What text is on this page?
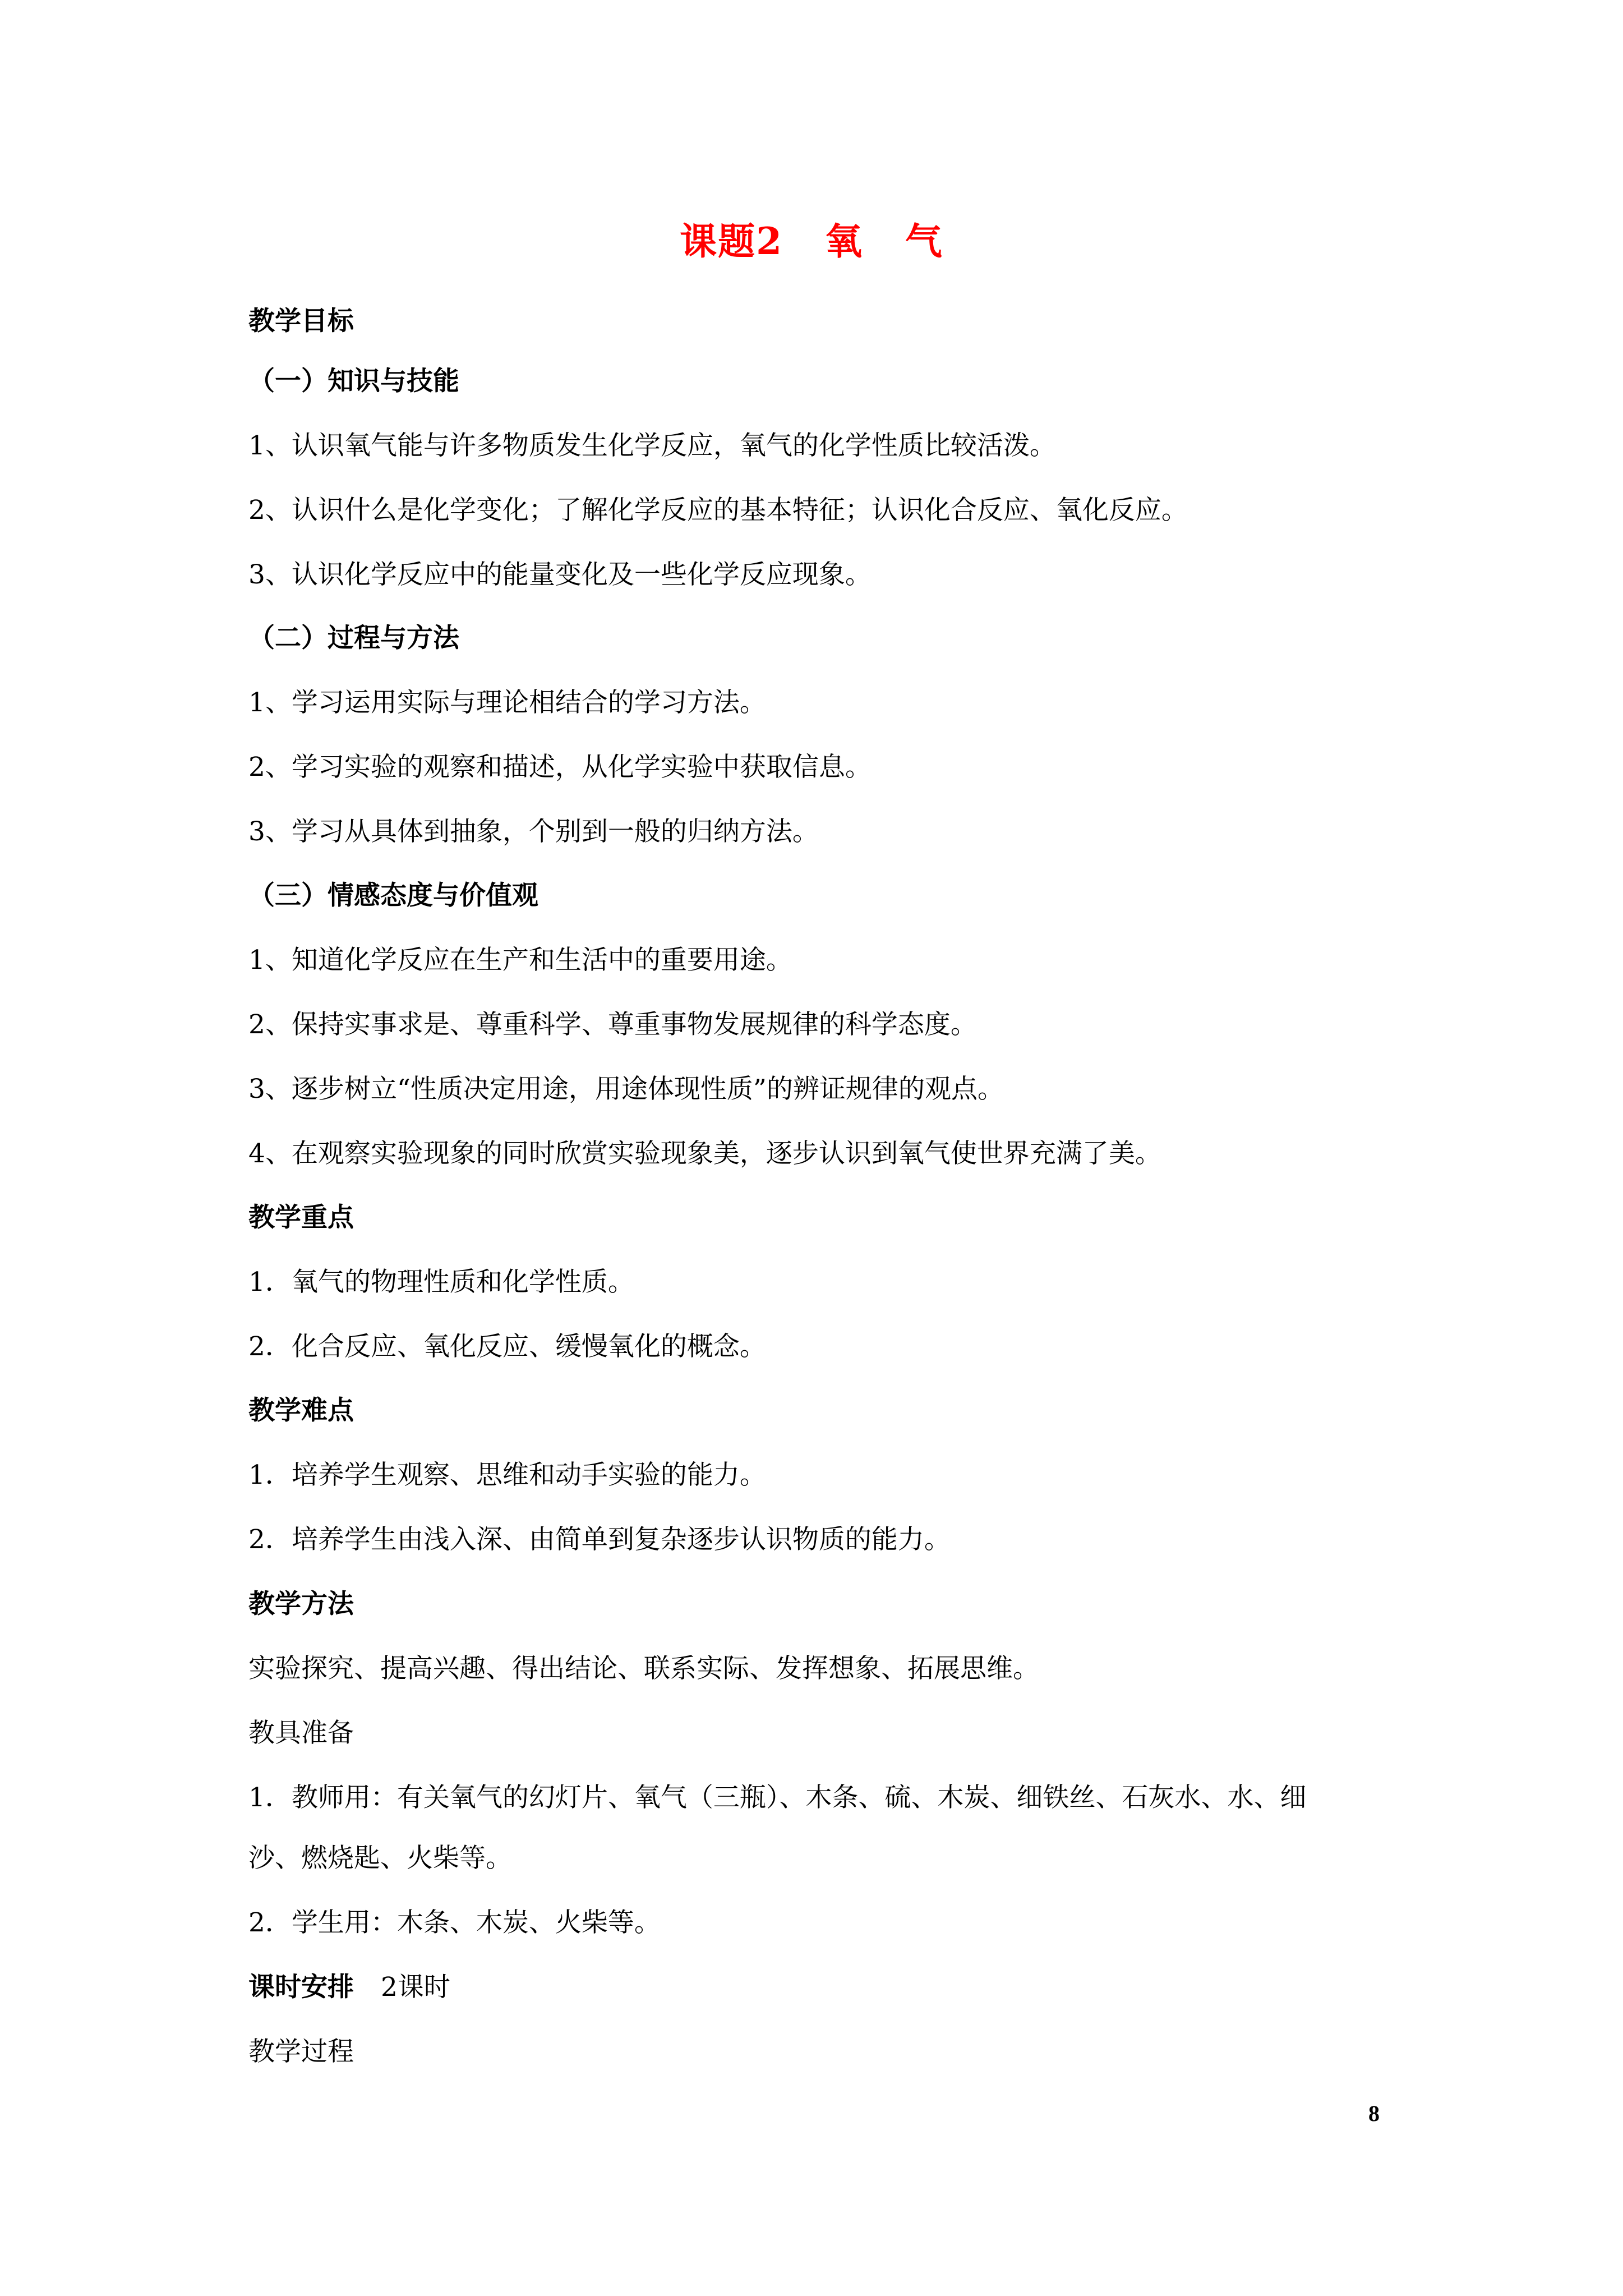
课题2   氧   气
教学目标
（一）知识与技能
1、认识氧气能与许多物质发生化学反应，氧气的化学性质比较活泼。
2、认识什么是化学变化；了解化学反应的基本特征；认识化合反应、氧化反应。
3、认识化学反应中的能量变化及一些化学反应现象。
（二）过程与方法
1、学习运用实际与理论相结合的学习方法。
2、学习实验的观察和描述，从化学实验中获取信息。
3、学习从具体到抽象，个别到一般的归纳方法。
（三）情感态度与价值观
1、知道化学反应在生产和生活中的重要用途。
2、保持实事求是、尊重科学、尊重事物发展规律的科学态度。
3、逐步树立“性质决定用途，用途体现性质”的辨证规律的观点。
4、在观察实验现象的同时欣赏实验现象美，逐步认识到氧气使世界充满了美。
教学重点
1．氧气的物理性质和化学性质。
2．化合反应、氧化反应、缓慢氧化的概念。
教学难点
1．培养学生观察、思维和动手实验的能力。
2．培养学生由浅入深、由简单到复杂逐步认识物质的能力。
教学方法
实验探究、提高兴趣、得出结论、联系实际、发挥想象、拓展思维。
教具准备
1．教师用：有关氧气的幻灯片、氧气（三瓶）、木条、硫、木炭、细铁丝、石灰水、水、细
沙、燃烧匙、火柴等。
2．学生用：木条、木炭、火柴等。
课时安排 2课时
教学过程
8
